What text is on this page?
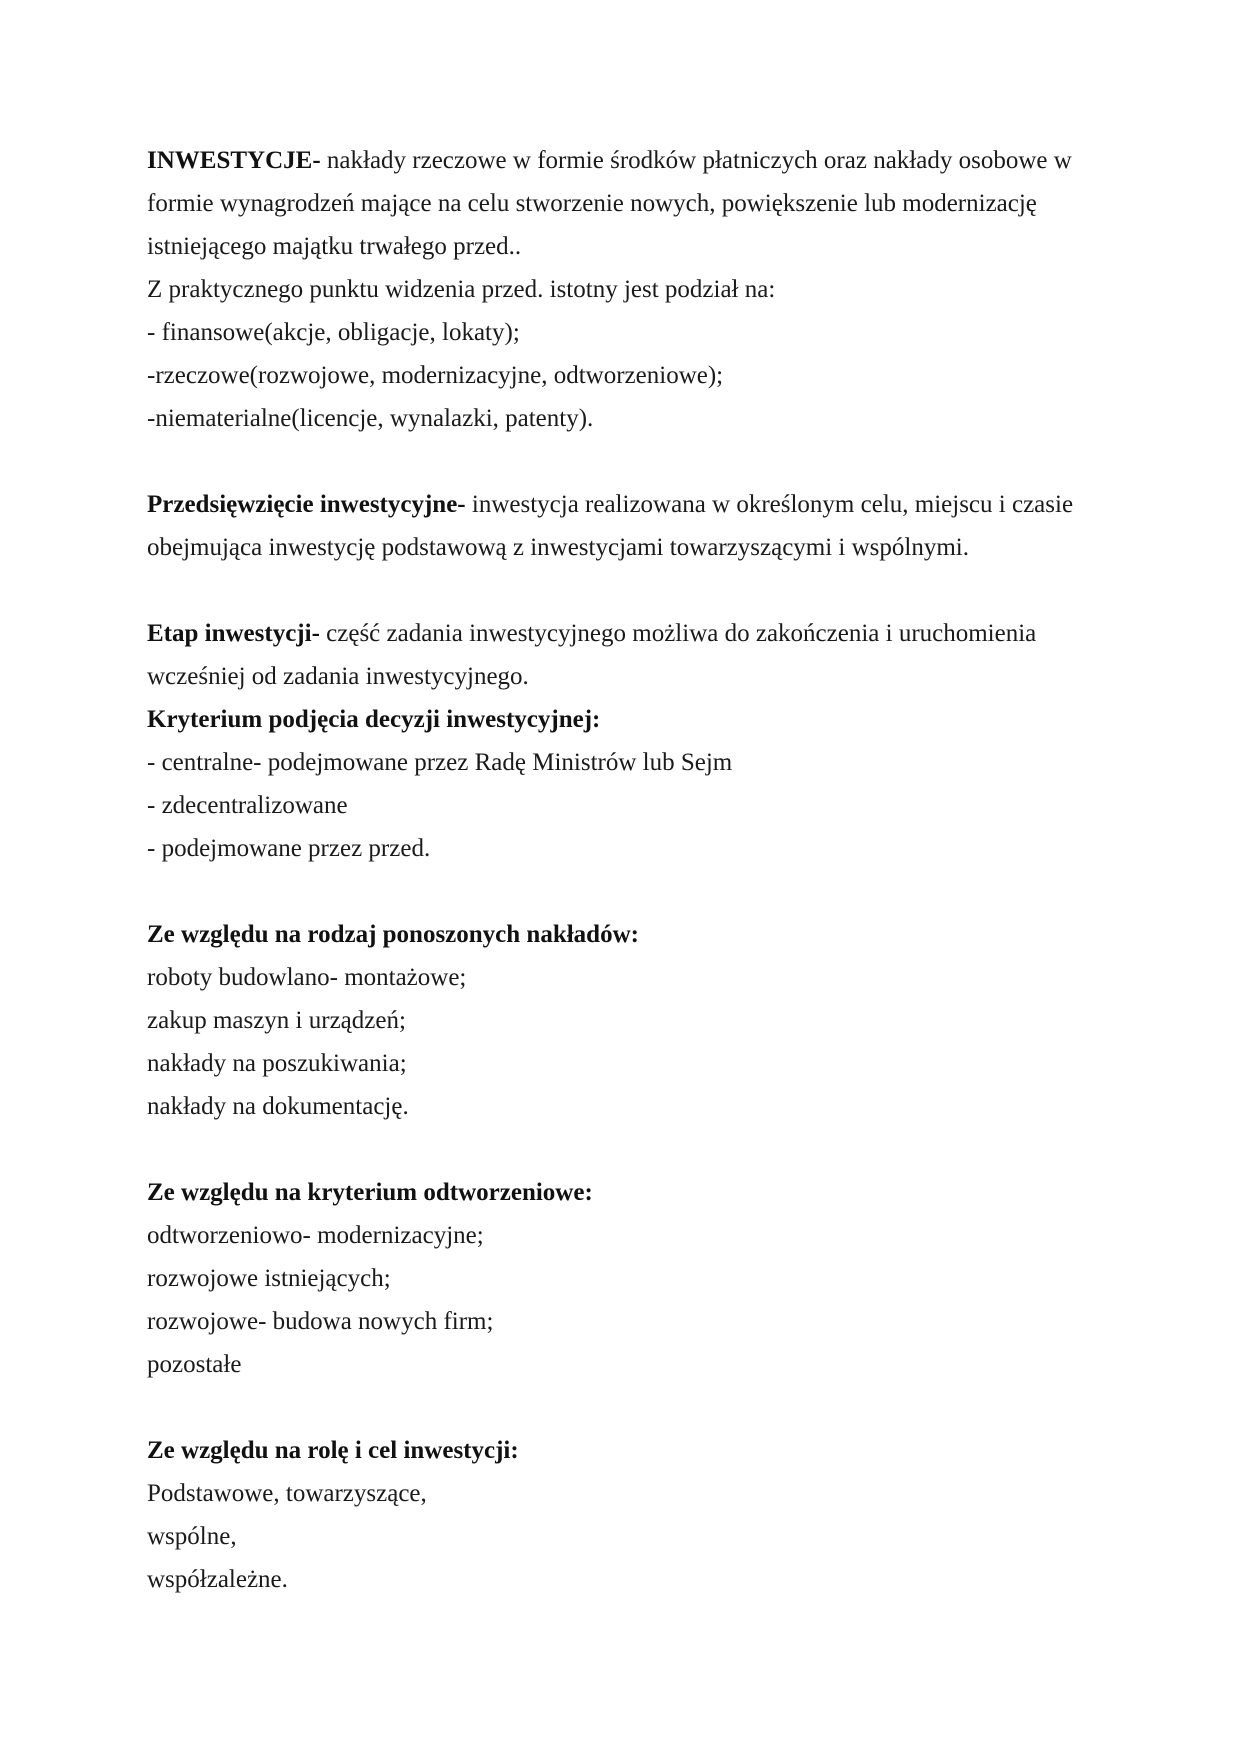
INWESTYCJE- nakłady rzeczowe w formie środków płatniczych oraz nakłady osobowe w
formie wynagrodzeń mające na celu stworzenie nowych, powiększenie lub modernizację
istniejącego majątku trwałego przed..
Z praktycznego punktu widzenia przed. istotny jest podział na:
- finansowe(akcje, obligacje, lokaty);
-rzeczowe(rozwojowe, modernizacyjne, odtworzeniowe);
-niematerialne(licencje, wynalazki, patenty).
Przedsięwzięcie inwestycyjne- inwestycja realizowana w określonym celu, miejscu i czasie
obejmująca inwestycję podstawową z inwestycjami towarzyszącymi i wspólnymi.
Etap inwestycji- część zadania inwestycyjnego możliwa do zakończenia i uruchomienia
wcześniej od zadania inwestycyjnego.
Kryterium podjęcia decyzji inwestycyjnej:
- centralne- podejmowane przez Radę Ministrów lub Sejm
- zdecentralizowane
- podejmowane przez przed.
Ze względu na rodzaj ponoszonych nakładów:
roboty budowlano- montażowe;
zakup maszyn i urządzeń;
nakłady na poszukiwania;
nakłady na dokumentację.
Ze względu na kryterium odtworzeniowe:
odtworzeniowo- modernizacyjne;
rozwojowe istniejących;
rozwojowe- budowa nowych firm;
pozostałe
Ze względu na rolę i cel inwestycji:
Podstawowe, towarzyszące,
wspólne,
współzależne.
